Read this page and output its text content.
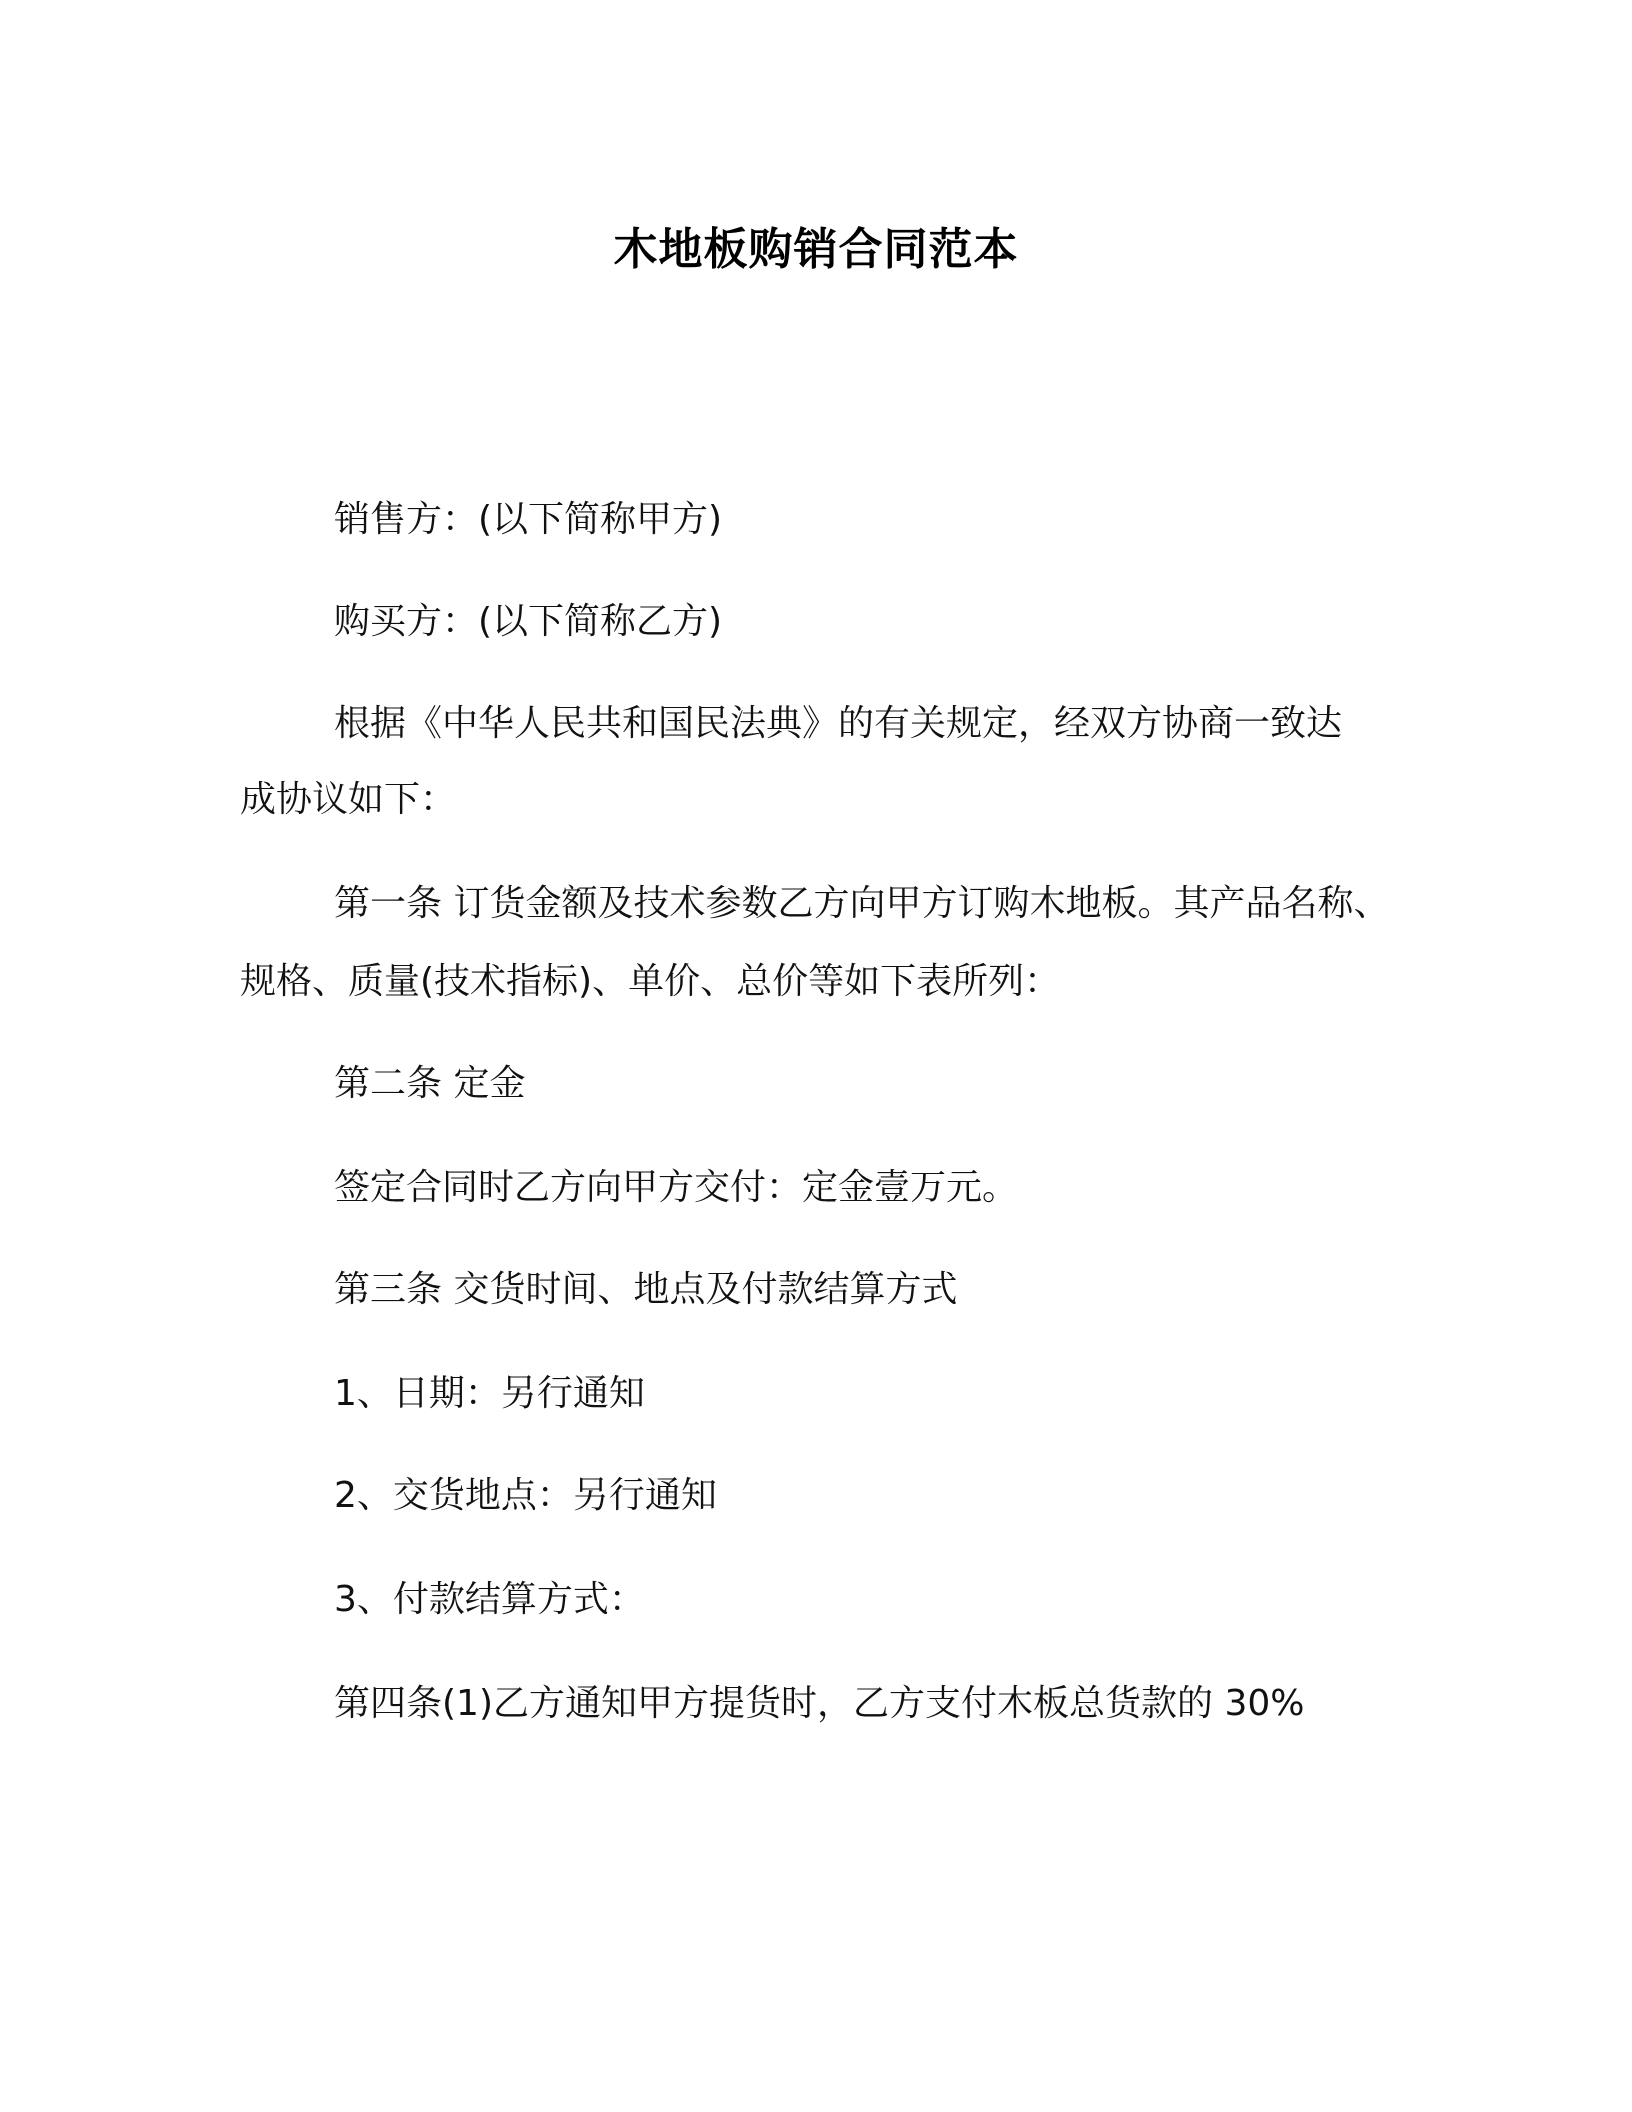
木地板购销合同范本
销售方：(以下简称甲方)
购买方：(以下简称乙方)
根据《中华人民共和国民法典》的有关规定，经双方协商一致达
成协议如下：
第一条 订货金额及技术参数乙方向甲方订购木地板。其产品名称、
规格、质量(技术指标)、单价、总价等如下表所列：
第二条 定金
签定合同时乙方向甲方交付：定金壹万元。
第三条 交货时间、地点及付款结算方式
1、日期：另行通知
2、交货地点：另行通知
3、付款结算方式：
第四条(1)乙方通知甲方提货时，乙方支付木板总货款的 30%
